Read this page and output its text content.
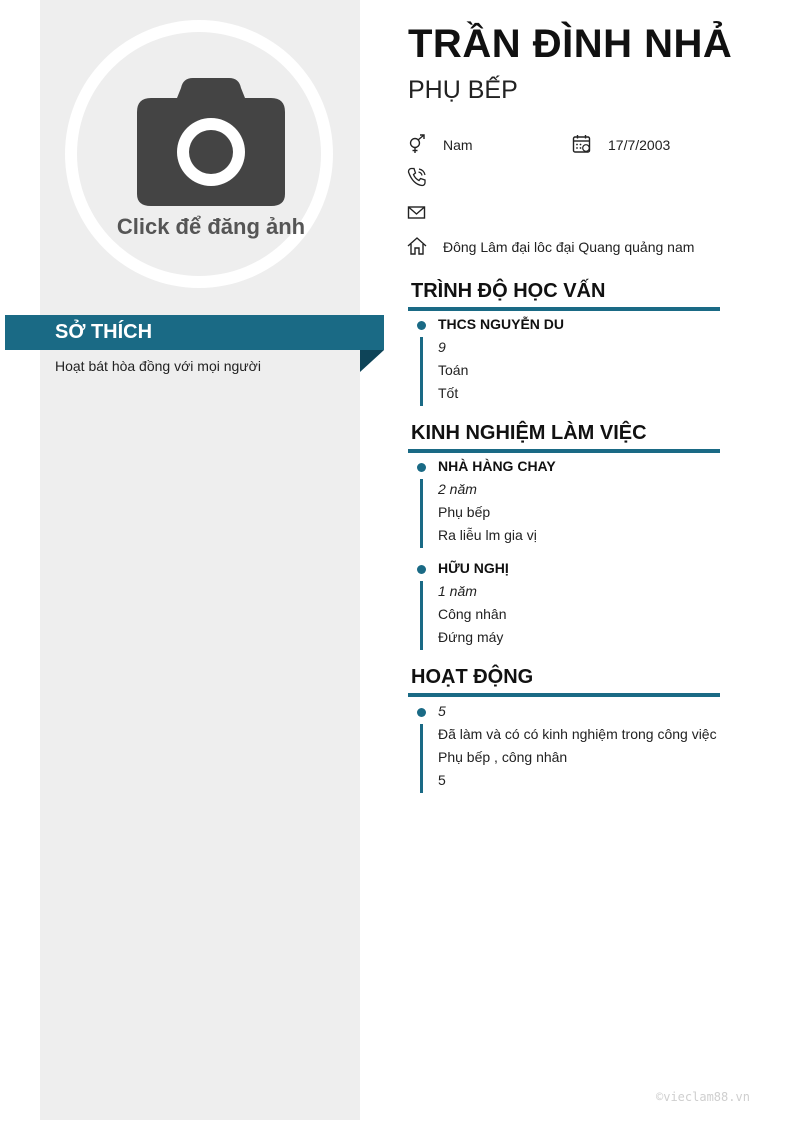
Click để đăng ảnh
SỞ THÍCH
Hoạt bát hòa đồng với mọi người
TRẦN ĐÌNH NHẢ
PHỤ BẾP
Nam	17/7/2003
Đông Lâm đại lôc đại Quang quảng nam
TRÌNH ĐỘ HỌC VẤN
THCS NGUYỄN DU
9
Toán
Tốt
KINH NGHIỆM LÀM VIỆC
NHÀ HÀNG CHAY
2 năm
Phụ bếp
Ra liễu lm gia vị
HỮU NGHỊ
1 năm
Công nhân
Đứng máy
HOẠT ĐỘNG
5
Đã làm và có có kinh nghiệm trong công việc
Phụ bếp , công nhân
5
©vieclam88.vn
